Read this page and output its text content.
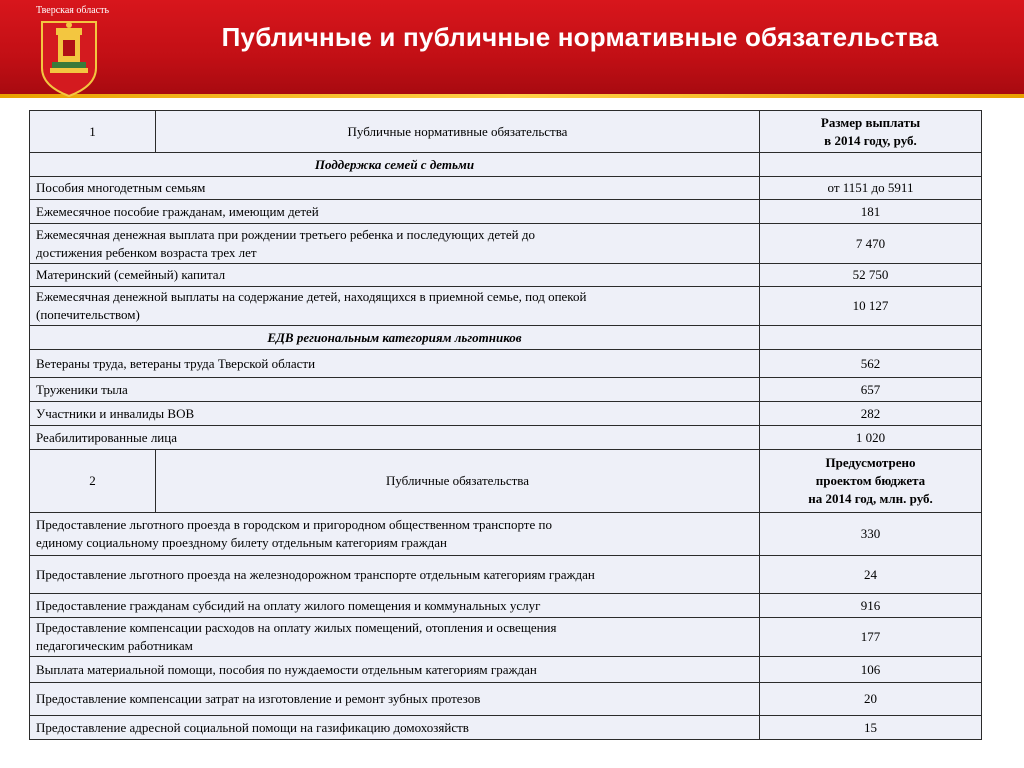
Тверская область
Публичные и публичные нормативные обязательства
1	Публичные нормативные обязательства	Размер выплаты
в 2014 году, руб.

Поддержка семей с детьми		
Пособия многодетным семьям		от 1151 до 5911
Ежемесячное пособие гражданам, имеющим детей		181

Ежемесячная денежная выплата при рождении третьего ребенка и последующих детей до
достижения ребенком возраста трех лет		7 470
Материнский (семейный) капитал		52 750

Ежемесячная денежной выплаты на содержание детей, находящихся в приемной семье, под опекой
(попечительством)		10 127
ЕДВ региональным категориям льготников		
Ветераны труда, ветераны труда Тверской области		562
Труженики тыла		657
Участники и инвалиды ВОВ		282
Реабилитированные лица		1 020
2	Публичные обязательства	Предусмотрено
проектом бюджета
на 2014 год, млн. руб.

Предоставление льготного проезда в городском и пригородном общественном транспорте по
единому социальному проездному билету отдельным категориям граждан		330
Предоставление льготного проезда на железнодорожном транспорте отдельным категориям граждан		24
Предоставление гражданам субсидий на оплату жилого помещения и коммунальных услуг		916

Предоставление компенсации расходов на оплату жилых помещений, отопления и освещения
педагогическим работникам		177
Выплата материальной помощи, пособия по нуждаемости отдельным категориям граждан		106
Предоставление компенсации затрат на изготовление и ремонт зубных протезов		20
Предоставление адресной социальной помощи на газификацию домохозяйств		15
